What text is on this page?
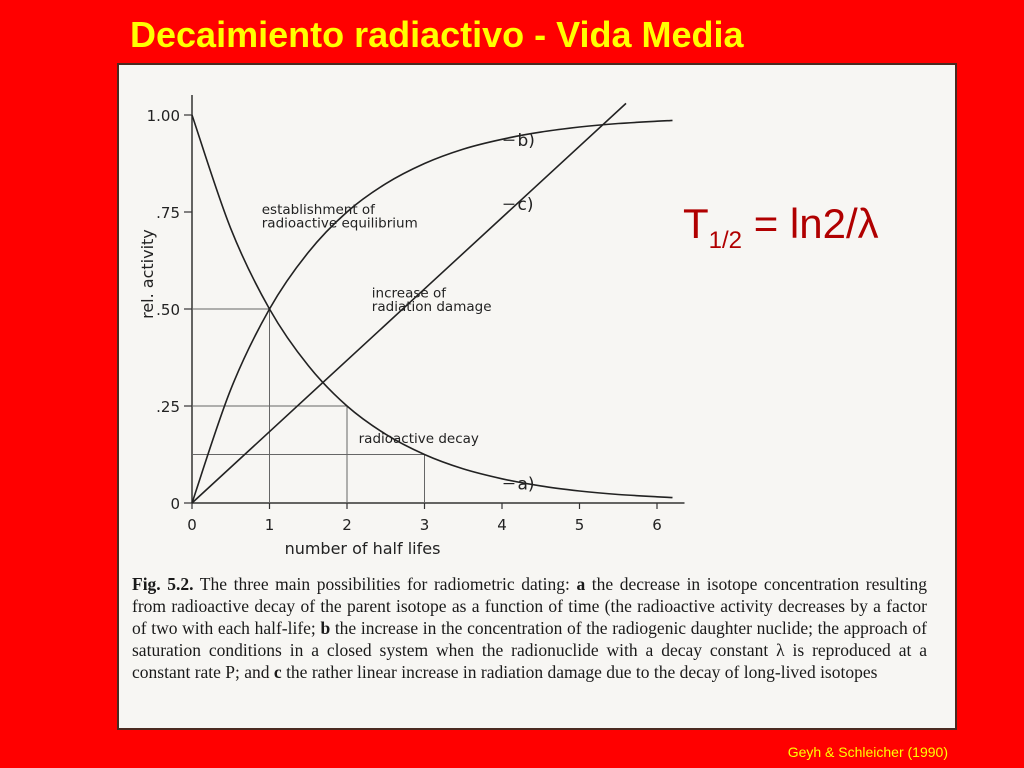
Decaimiento radiactivo - Vida Media
0	1	2	3	4	5	6
0
.25
.50
.75
1.00
number of half lifes
rel. activity
a)
b)
c)
establishment of
radioactive equilibrium
increase of
radiation damage
radioactive decay
$T_{1/2} = \ln 2/\lambda$
Fig. 5.2. The three main possibilities for radiometric dating: a the decrease in isotope concentration resulting from radioactive decay of the parent isotope as a function of time (the radioactive activity decreases by a factor of two with each half-life; b the increase in the concentration of the radiogenic daughter nuclide; the approach of saturation conditions in a closed system when the radionuclide with a decay constant λ is reproduced at a constant rate P; and c the rather linear increase in radiation damage due to the decay of long-lived isotopes
Geyh & Schleicher (1990)
